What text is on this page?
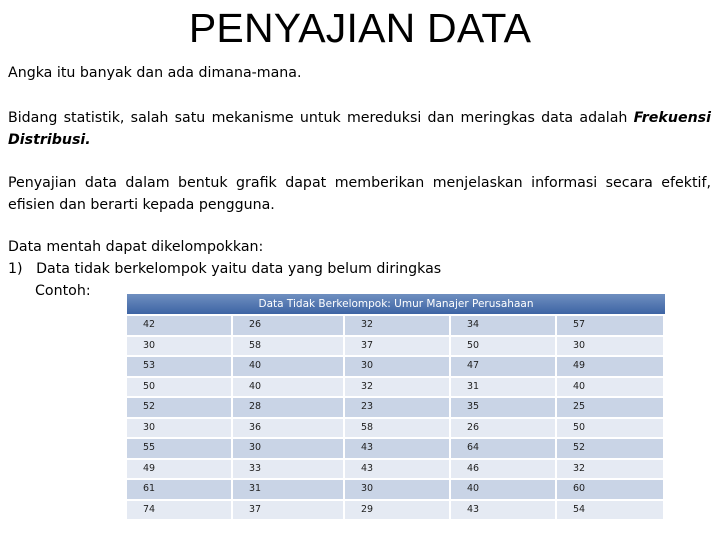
PENYAJIAN DATA
Angka itu banyak dan ada dimana-mana.
Bidang statistik, salah satu mekanisme untuk mereduksi dan meringkas data adalah Frekuensi Distribusi.
Penyajian data dalam bentuk grafik dapat memberikan menjelaskan informasi secara efektif, efisien dan berarti kepada pengguna.
Data mentah dapat dikelompokkan:
1)   Data tidak berkelompok yaitu data yang belum diringkas
Contoh:
Data Tidak Berkelompok: Umur Manajer Perusahaan
42	26	32	34	57
30	58	37	50	30
53	40	30	47	49
50	40	32	31	40
52	28	23	35	25
30	36	58	26	50
55	30	43	64	52
49	33	43	46	32
61	31	30	40	60
74	37	29	43	54
